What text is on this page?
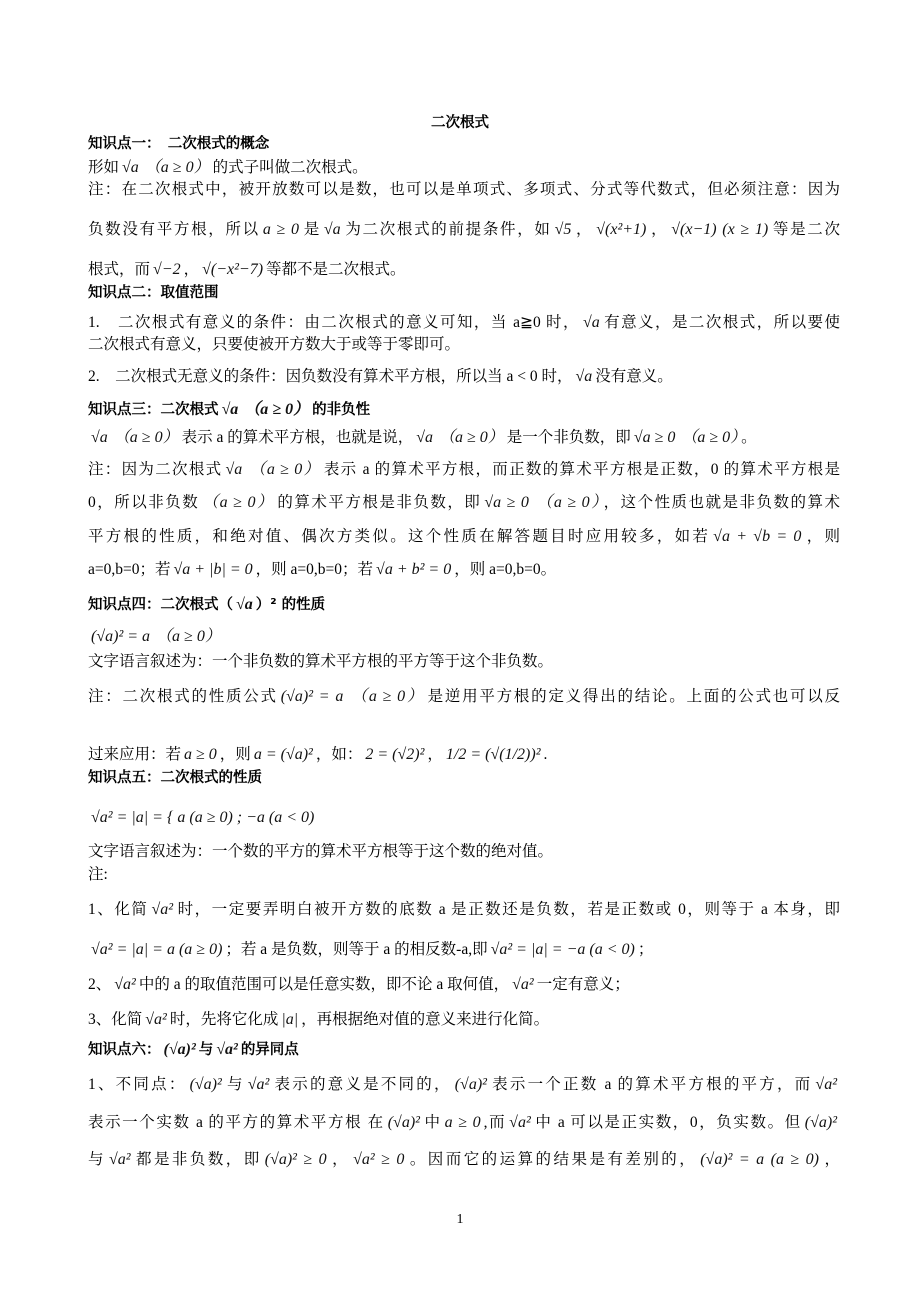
二次根式
知识点一：　二次根式的概念
形如 √a （a ≥ 0） 的式子叫做二次根式。
注：在二次根式中，被开放数可以是数，也可以是单项式、多项式、分式等代数式，但必须注意：因为
负数没有平方根，所以 a ≥ 0 是 √a 为二次根式的前提条件，如 √5 ， √(x²+1) ， √(x−1) (x ≥ 1) 等是二次
根式，而 √−2 ， √(−x²−7) 等都不是二次根式。
知识点二：取值范围
1.　二次根式有意义的条件：由二次根式的意义可知，当 a≧0 时， √a 有意义，是二次根式，所以要使
二次根式有意义，只要使被开方数大于或等于零即可。
2.　二次根式无意义的条件：因负数没有算术平方根，所以当 a < 0 时， √a 没有意义。
知识点三：二次根式 √a （a ≥ 0） 的非负性
√a （a ≥ 0） 表示 a 的算术平方根，也就是说， √a （a ≥ 0） 是一个非负数，即 √a ≥ 0 （a ≥ 0） 。
注：因为二次根式 √a （a ≥ 0） 表示 a 的算术平方根，而正数的算术平方根是正数，0 的算术平方根是
0，所以非负数 （a ≥ 0） 的算术平方根是非负数，即 √a ≥ 0 （a ≥ 0） ，这个性质也就是非负数的算术
平方根的性质，和绝对值、偶次方类似。这个性质在解答题目时应用较多，如若 √a + √b = 0 ，则
a=0,b=0；若 √a + |b| = 0 ，则 a=0,b=0；若 √a + b² = 0 ，则 a=0,b=0。
知识点四：二次根式（ √a ）² 的性质
(√a)² = a （a ≥ 0）
文字语言叙述为：一个非负数的算术平方根的平方等于这个非负数。
注：二次根式的性质公式 (√a)² = a （a ≥ 0） 是逆用平方根的定义得出的结论。上面的公式也可以反
过来应用：若 a ≥ 0 ，则 a = (√a)² ，如： 2 = (√2)² ， 1/2 = (√(1/2))² .
知识点五：二次根式的性质
√a² = |a| = { a (a ≥ 0) ; −a (a < 0)
文字语言叙述为：一个数的平方的算术平方根等于这个数的绝对值。
注:
1、化简 √a² 时，一定要弄明白被开方数的底数 a 是正数还是负数，若是正数或 0，则等于 a 本身，即
√a² = |a| = a (a ≥ 0) ；若 a 是负数，则等于 a 的相反数-a,即 √a² = |a| = −a (a < 0) ；
2、 √a² 中的 a 的取值范围可以是任意实数，即不论 a 取何值， √a² 一定有意义；
3、化简 √a² 时，先将它化成 |a| ，再根据绝对值的意义来进行化简。
知识点六： (√a)² 与 √a² 的异同点
1、不同点： (√a)² 与 √a² 表示的意义是不同的， (√a)² 表示一个正数 a 的算术平方根的平方，而 √a²
表示一个实数 a 的平方的算术平方根 在 (√a)² 中 a ≥ 0 ,而 √a² 中 a 可以是正实数，0，负实数。但 (√a)²
与 √a² 都是非负数，即 (√a)² ≥ 0 ， √a² ≥ 0 。因而它的运算的结果是有差别的， (√a)² = a (a ≥ 0) ，
1
